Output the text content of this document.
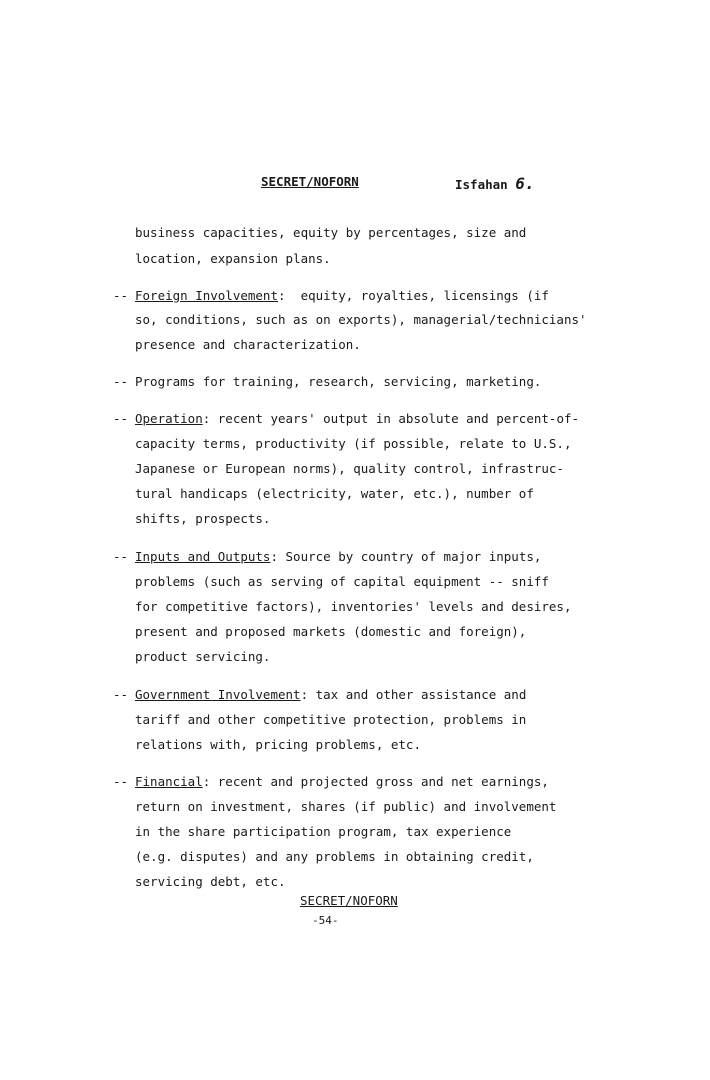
SECRET/NOFORN	Isfahan 6.
business capacities, equity by percentages, size and
location, expansion plans.
-- Foreign Involvement:  equity, royalties, licensings (if
so, conditions, such as on exports), managerial/technicians'
presence and characterization.
-- Programs for training, research, servicing, marketing.
-- Operation: recent years' output in absolute and percent-of-
capacity terms, productivity (if possible, relate to U.S.,
Japanese or European norms), quality control, infrastruc-
tural handicaps (electricity, water, etc.), number of
shifts, prospects.
-- Inputs and Outputs: Source by country of major inputs,
problems (such as serving of capital equipment -- sniff
for competitive factors), inventories' levels and desires,
present and proposed markets (domestic and foreign),
product servicing.
-- Government Involvement: tax and other assistance and
tariff and other competitive protection, problems in
relations with, pricing problems, etc.
-- Financial: recent and projected gross and net earnings,
return on investment, shares (if public) and involvement
in the share participation program, tax experience
(e.g. disputes) and any problems in obtaining credit,
servicing debt, etc.
SECRET/NOFORN
-54-
